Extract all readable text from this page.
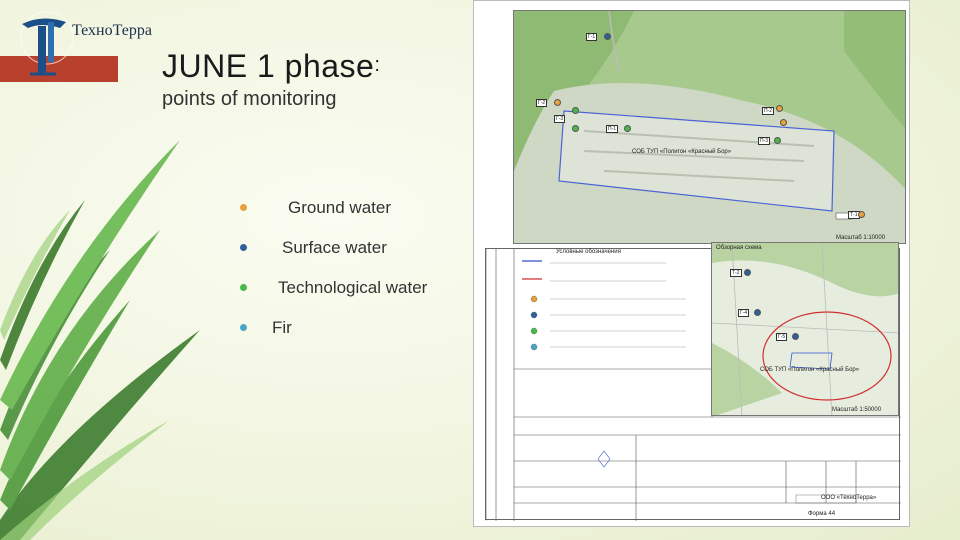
ТехноТерра
JUNE 1 phase:
points of monitoring
Ground water
Surface water
Technological water
Fir
СОБ ТУП «Полигон «Красный Бор»
Масштаб 1:10000
Г-1
Г-2
Г-3
П-1
П-2
П-3
Т-1
Условные обозначения
Форма 44
ООО «ТехноТерра»
Обзорная схема
СОБ ТУП «Полигон «Красный Бор»
Масштаб 1:50000
Т-2
Г-4
Г-5
